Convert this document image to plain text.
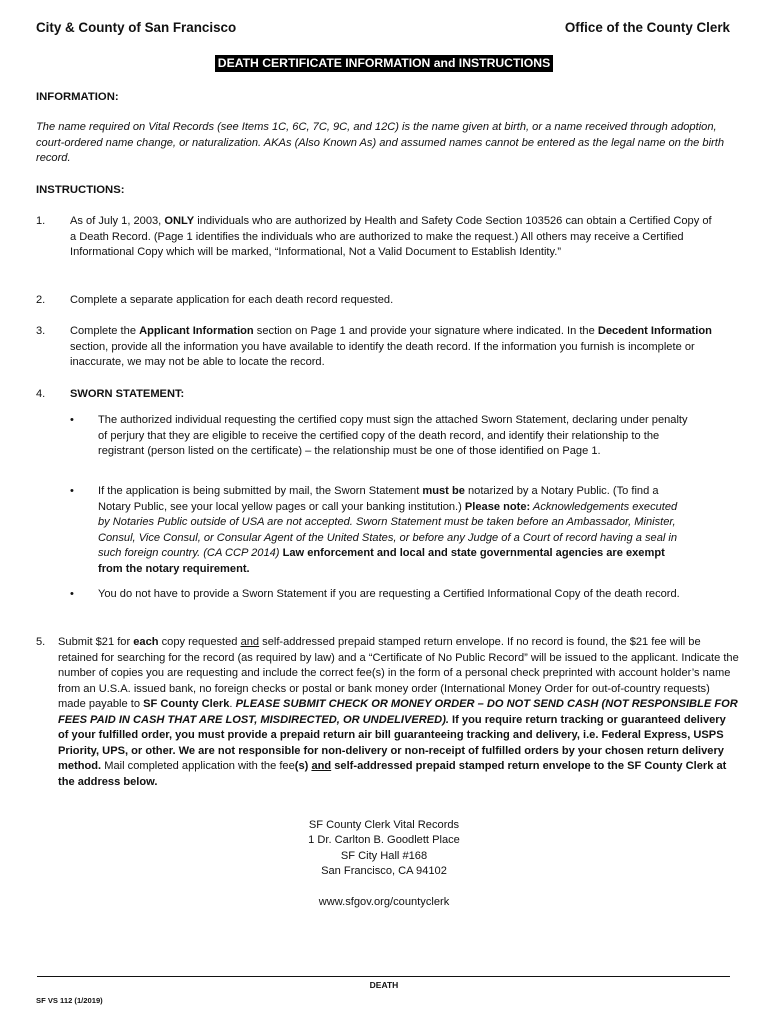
City & County of San Francisco	Office of the County Clerk
DEATH CERTIFICATE INFORMATION and INSTRUCTIONS
INFORMATION:
The name required on Vital Records (see Items 1C, 6C, 7C, 9C, and 12C) is the name given at birth, or a name received through adoption, court-ordered name change, or naturalization. AKAs (Also Known As) and assumed names cannot be entered as the legal name on the birth record.
INSTRUCTIONS:
1. As of July 1, 2003, ONLY individuals who are authorized by Health and Safety Code Section 103526 can obtain a Certified Copy of a Death Record. (Page 1 identifies the individuals who are authorized to make the request.) All others may receive a Certified Informational Copy which will be marked, “Informational, Not a Valid Document to Establish Identity.”
2. Complete a separate application for each death record requested.
3. Complete the Applicant Information section on Page 1 and provide your signature where indicated. In the Decedent Information section, provide all the information you have available to identify the death record. If the information you furnish is incomplete or inaccurate, we may not be able to locate the record.
4. SWORN STATEMENT:
• The authorized individual requesting the certified copy must sign the attached Sworn Statement, declaring under penalty of perjury that they are eligible to receive the certified copy of the death record, and identify their relationship to the registrant (person listed on the certificate) – the relationship must be one of those identified on Page 1.
• If the application is being submitted by mail, the Sworn Statement must be notarized by a Notary Public. (To find a Notary Public, see your local yellow pages or call your banking institution.) Please note: Acknowledgements executed by Notaries Public outside of USA are not accepted. Sworn Statement must be taken before an Ambassador, Minister, Consul, Vice Consul, or Consular Agent of the United States, or before any Judge of a Court of record having a seal in such foreign country. (CA CCP 2014) Law enforcement and local and state governmental agencies are exempt from the notary requirement.
• You do not have to provide a Sworn Statement if you are requesting a Certified Informational Copy of the death record.
5. Submit $21 for each copy requested and self-addressed prepaid stamped return envelope. If no record is found, the $21 fee will be retained for searching for the record (as required by law) and a “Certificate of No Public Record” will be issued to the applicant. Indicate the number of copies you are requesting and include the correct fee(s) in the form of a personal check preprinted with account holder’s name from an U.S.A. issued bank, no foreign checks or postal or bank money order (International Money Order for out-of-country requests) made payable to SF County Clerk. PLEASE SUBMIT CHECK OR MONEY ORDER – DO NOT SEND CASH (NOT RESPONSIBLE FOR FEES PAID IN CASH THAT ARE LOST, MISDIRECTED, OR UNDELIVERED). If you require return tracking or guaranteed delivery of your fulfilled order, you must provide a prepaid return air bill guaranteeing tracking and delivery, i.e. Federal Express, USPS Priority, UPS, or other. We are not responsible for non-delivery or non-receipt of fulfilled orders by your chosen return delivery method. Mail completed application with the fee(s) and self-addressed prepaid stamped return envelope to the SF County Clerk at the address below.
SF County Clerk Vital Records
1 Dr. Carlton B. Goodlett Place
SF City Hall #168
San Francisco, CA 94102
www.sfgov.org/countyclerk
DEATH
SF VS 112 (1/2019)
